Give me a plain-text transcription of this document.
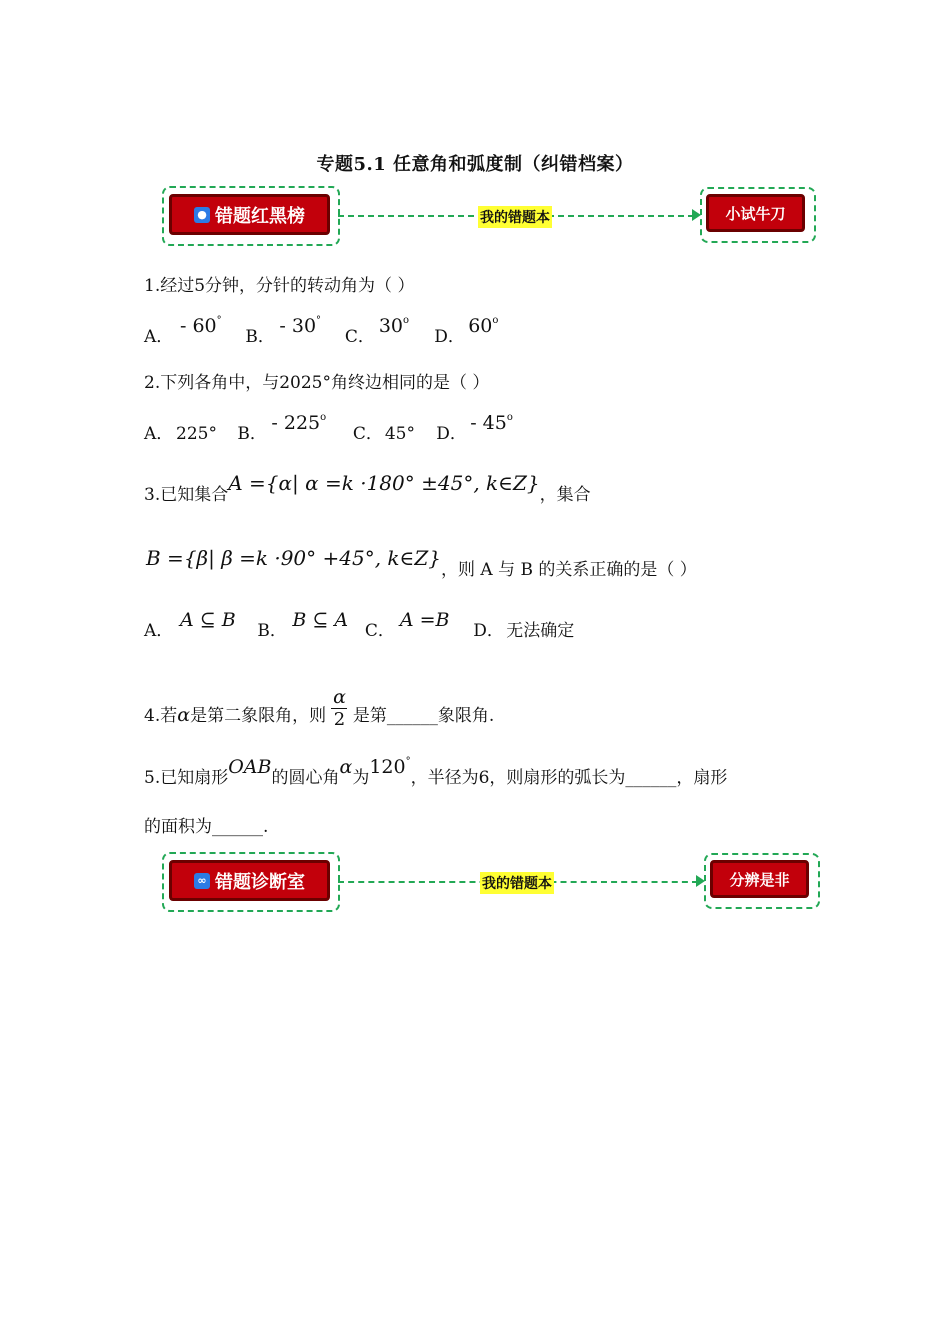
专题5.1 任意角和弧度制（纠错档案）
● 错题红黑榜	我的错题本	小试牛刀
1.经过5分钟，分针的转动角为（ ）
A． - 60° B． - 30° C． 30$^o$ D． 60$^o$
2.下列各角中，与2025°角终边相同的是（ ）
A． 225° B． - 225$^o$ C． 45° D． - 45$^o$
3.已知集合A ={α| α =k ·180° ±45°, k∈Z}，集合
B ={β| β =k ·90° +45°, k∈Z}，则 A 与 B 的关系正确的是（ ）
A． A ⊆ B B． B ⊆ A C． A =B D． 无法确定
4.若α是第二象限角，则 $\frac{\alpha}{2}$ 是第______象限角.
5.已知扇形OAB的圆心角α为120°，半径为6，则扇形的弧长为______，扇形
的面积为______.
∞ 错题诊断室	我的错题本	分辨是非
